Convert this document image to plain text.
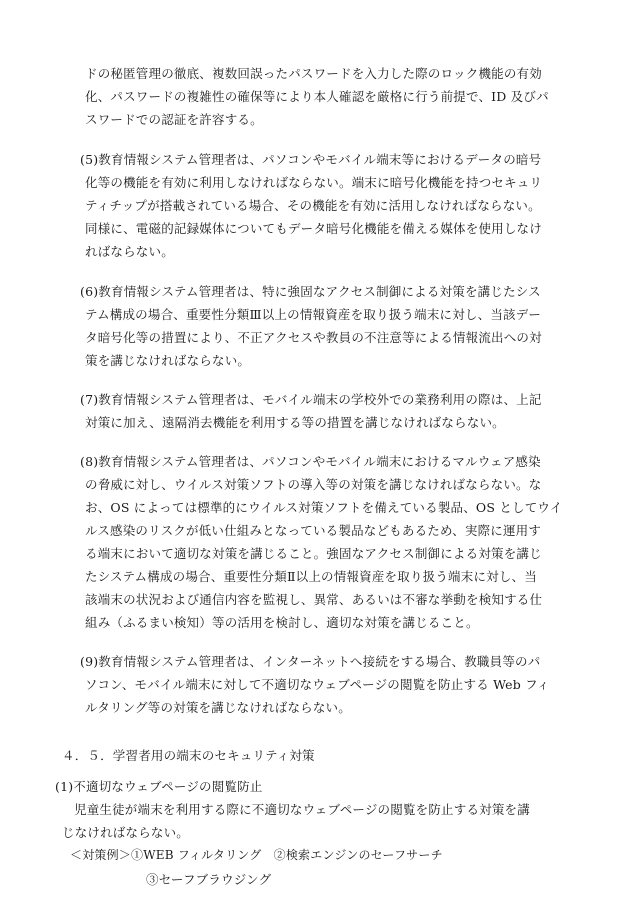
ドの秘匿管理の徹底、複数回誤ったパスワードを入力した際のロック機能の有効
化、パスワードの複雑性の確保等により本人確認を厳格に行う前提で、ID 及びパ
スワードでの認証を許容する。
(5)教育情報システム管理者は、パソコンやモバイル端末等におけるデータの暗号
化等の機能を有効に利用しなければならない。端末に暗号化機能を持つセキュリ
ティチップが搭載されている場合、その機能を有効に活用しなければならない。
同様に、電磁的記録媒体についてもデータ暗号化機能を備える媒体を使用しなけ
ればならない。
(6)教育情報システム管理者は、特に強固なアクセス制御による対策を講じたシス
テム構成の場合、重要性分類Ⅲ以上の情報資産を取り扱う端末に対し、当該デー
タ暗号化等の措置により、不正アクセスや教員の不注意等による情報流出への対
策を講じなければならない。
(7)教育情報システム管理者は、モバイル端末の学校外での業務利用の際は、上記
対策に加え、遠隔消去機能を利用する等の措置を講じなければならない。
(8)教育情報システム管理者は、パソコンやモバイル端末におけるマルウェア感染
の脅威に対し、ウイルス対策ソフトの導入等の対策を講じなければならない。な
お、OS によっては標準的にウイルス対策ソフトを備えている製品、OS としてウイ
ルス感染のリスクが低い仕組みとなっている製品などもあるため、実際に運用す
る端末において適切な対策を講じること。強固なアクセス制御による対策を講じ
たシステム構成の場合、重要性分類Ⅱ以上の情報資産を取り扱う端末に対し、当
該端末の状況および通信内容を監視し、異常、あるいは不審な挙動を検知する仕
組み（ふるまい検知）等の活用を検討し、適切な対策を講じること。
(9)教育情報システム管理者は、インターネットへ接続をする場合、教職員等のパ
ソコン、モバイル端末に対して不適切なウェブページの閲覧を防止する Web フィ
ルタリング等の対策を講じなければならない。
４．５．学習者用の端末のセキュリティ対策
(1)不適切なウェブページの閲覧防止
児童生徒が端末を利用する際に不適切なウェブページの閲覧を防止する対策を講
じなければならない。
＜対策例＞①WEB フィルタリング　②検索エンジンのセーフサーチ
③セーフブラウジング
